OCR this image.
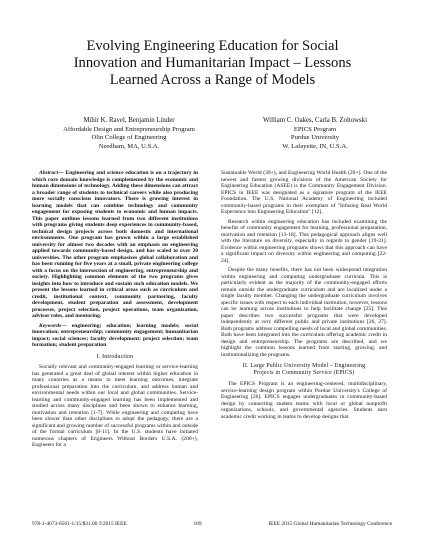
Evolving Engineering Education for Social
Innovation and Humanitarian Impact – Lessons
Learned Across a Range of Models
Mihir K. Ravel, Benjamin Linder
Affordable Design and Entrepreneurship Program
Olin College of Engineering
Needham, MA, U.S.A.
William C. Oakes, Carla B. Zoltowski
EPICS Program
Purdue University
W. Lafayette, IN, U.S.A.

Abstract— Engineering and science education is on a trajectory in which core domain knowledge is complemented by the economic and human dimensions of technology. Adding these dimensions can attract a broader range of students to technical careers while also producing more socially conscious innovators. There is growing interest in learning models that can combine technology and community engagement for exposing students to economic and human impacts. This paper outlines lessons learned from two different institutions with programs giving students deep experiences in community-based, technical design projects across both domestic and international environments. One program has grown within a large established university for almost two decades with an emphasis on engineering applied towards community-based design, and has scaled to over 20 universities. The other program emphasizes global collaboration and has been running for five years at a small, private engineering college with a focus on the intersection of engineering, entrepreneurship and society. Highlighting common elements of the two programs gives insights into how to introduce and sustain such education models. We present the lessons learned in critical areas such as curriculum and credit, institutional context, community partnering, faculty development, student preparation and assessment, development processes, project selection, project operations, team organization, advisor roles, and mentoring.

Keywords— engineering; education; learning models; social innovation; entrepreneurship; community engagement; humanitarian impact; social sciences; faculty development; project selection; team formation; student preparation

I. Introduction

Socially relevant and community-engaged learning or service-learning has generated a great deal of global interest within higher education in many countries as a means to meet learning outcomes, integrate professional preparation into the curriculum, and address human and environmental needs within our local and global communities. Service-learning and community-engaged learning has been implemented and studied across many disciplines and been shown to enhance learning, motivation and retention [1-7]. While engineering and computing have been slower than other disciplines to adopt the pedagogy, there are a significant and growing number of successful programs within and outside of the formal curriculum [8-11]. In the U.S. students have initiated numerous chapters of Engineers Without Borders U.S.A. (200+), Engineers for a

Sustainable World (30+), and Engineering World Health (20+). One of the newest and fastest growing divisions of the American Society for Engineering Education (ASEE) is the Community Engagement Division. EPICS in IEEE was designated as a signature program of the IEEE Foundation. The U.S. National Academy of Engineering included community-based programs in their exemplars of "Infusing Real World Experience into Engineering Education" [12].

Research within engineering education has included examining the benefits of community engagement for learning, professional preparation, motivation and retention [13-18]. This pedagogical approach aligns well with the literature on diversity, especially in regards to gender [19-21]. Evidence within engineering programs shows that this approach can have a significant impact on diversity within engineering and computing [22-24].

Despite the many benefits, there has not been widespread integration within engineering and computing undergraduate curricula. This is particularly evident as the majority of the community-engaged efforts remain outside the undergraduate curriculum and are localized under a single faculty member. Changing the undergraduate curriculum involves specific issues with respect to each individual institution, however, lessons can be learning across institutions to help facilitate change [25]. This paper describes two successful programs that were developed independently at very different public and private institutions [26, 27]. Both programs address compelling needs of local and global communities. Both have been integrated into the curriculum offering academic credit in design and entrepreneurship. The programs are described, and we highlight the common lessons learned from starting, growing, and institutionalizing the programs.

II. Large Public University Model – Engineering
Projects in Community Service (EPICS)

The EPICS Program is an engineering-centered, multidisciplinary, service-learning design program within Purdue University's College of Engineering [26]. EPICS engages undergraduates in community-based design by connecting student teams with local or global nonprofit organizations, schools, and governmental agencies. Students earn academic credit working in teams to develop designs that

978-1-4673-6561-1/15/$31.00 ©2015 IEEE	169	IEEE 2015 Global Humanitarian Technology Conference
